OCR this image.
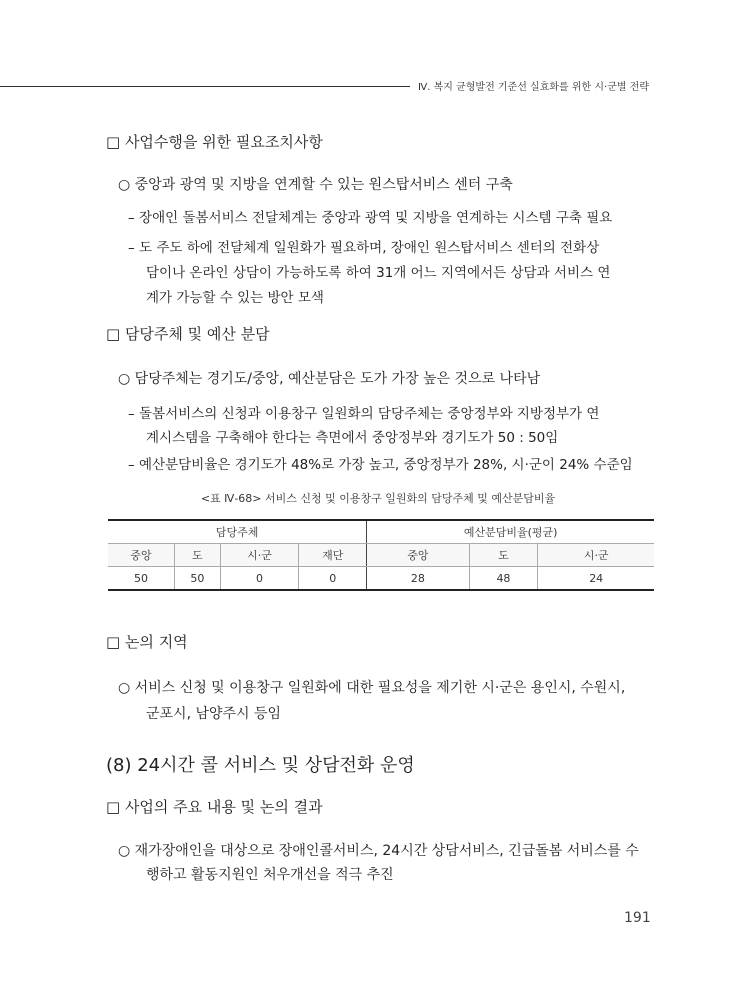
Ⅳ. 복지 균형발전 기준선 실효화를 위한 시·군별 전략
□ 사업수행을 위한 필요조치사항
○ 중앙과 광역 및 지방을 연계할 수 있는 원스탑서비스 센터 구축
– 장애인 돌봄서비스 전달체계는 중앙과 광역 및 지방을 연계하는 시스템 구축 필요
– 도 주도 하에 전달체계 일원화가 필요하며, 장애인 원스탑서비스 센터의 전화상
담이나 온라인 상담이 가능하도록 하여 31개 어느 지역에서든 상담과 서비스 연
계가 가능할 수 있는 방안 모색
□ 담당주체 및 예산 분담
○ 담당주체는 경기도/중앙, 예산분담은 도가 가장 높은 것으로 나타남
– 돌봄서비스의 신청과 이용창구 일원화의 담당주체는 중앙정부와 지방정부가 연
계시스템을 구축해야 한다는 측면에서 중앙정부와 경기도가 50 : 50임
– 예산분담비율은 경기도가 48%로 가장 높고, 중앙정부가 28%, 시·군이 24% 수준임
<표 Ⅳ-68> 서비스 신청 및 이용창구 일원화의 담당주체 및 예산분담비율
담당주체				예산분담비율(평균)		
중앙	도	시·군	재단	중앙	도	시·군
50	50	0	0	28	48	24
□ 논의 지역
○ 서비스 신청 및 이용창구 일원화에 대한 필요성을 제기한 시·군은 용인시, 수원시,
군포시, 남양주시 등임
(8) 24시간 콜 서비스 및 상담전화 운영
□ 사업의 주요 내용 및 논의 결과
○ 재가장애인을 대상으로 장애인콜서비스, 24시간 상담서비스, 긴급돌봄 서비스를 수
행하고 활동지원인 처우개선을 적극 추진
191
